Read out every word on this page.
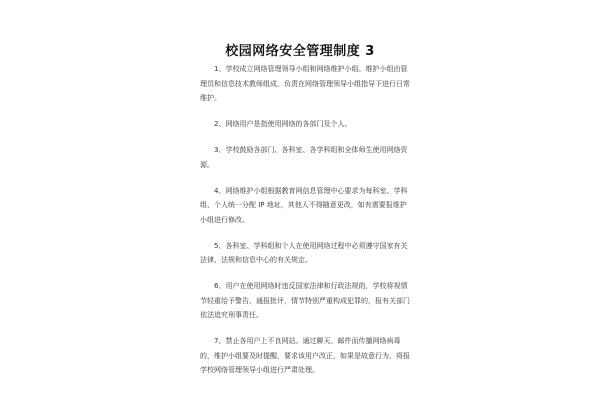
校园网络安全管理制度 3

1、学校成立网络管理领导小组和网络维护小组。维护小组由管理员和信息技术教师组成，负责在网络管理领导小组指导下进行日常维护。

2、网络用户是指使用网络的各部门及个人。

3、学校鼓励各部门、各科室、各学科组和全体师生使用网络资源。

4、网络维护小组根据教育网信息管理中心要求为每科室、学科组、个人统一分配 IP 地址，其他人不得随意更改，如有需要报维护小组进行修改。

5、各科室、学科组和个人在使用网络过程中必须遵守国家有关法律、法规和信息中心的有关规定。

6、用户在使用网络时违反国家法律和行政法规的，学校将视情节轻重给予警告、通报批评，情节特别严重构成犯罪的，报有关部门依法追究刑事责任。

7、禁止各用户上不良网站。通过聊天、邮件而传播网络病毒的，维护小组要及时提醒，要求该用户改正，如果是故意行为，将报学校网络管理领导小组进行严肃处理。
